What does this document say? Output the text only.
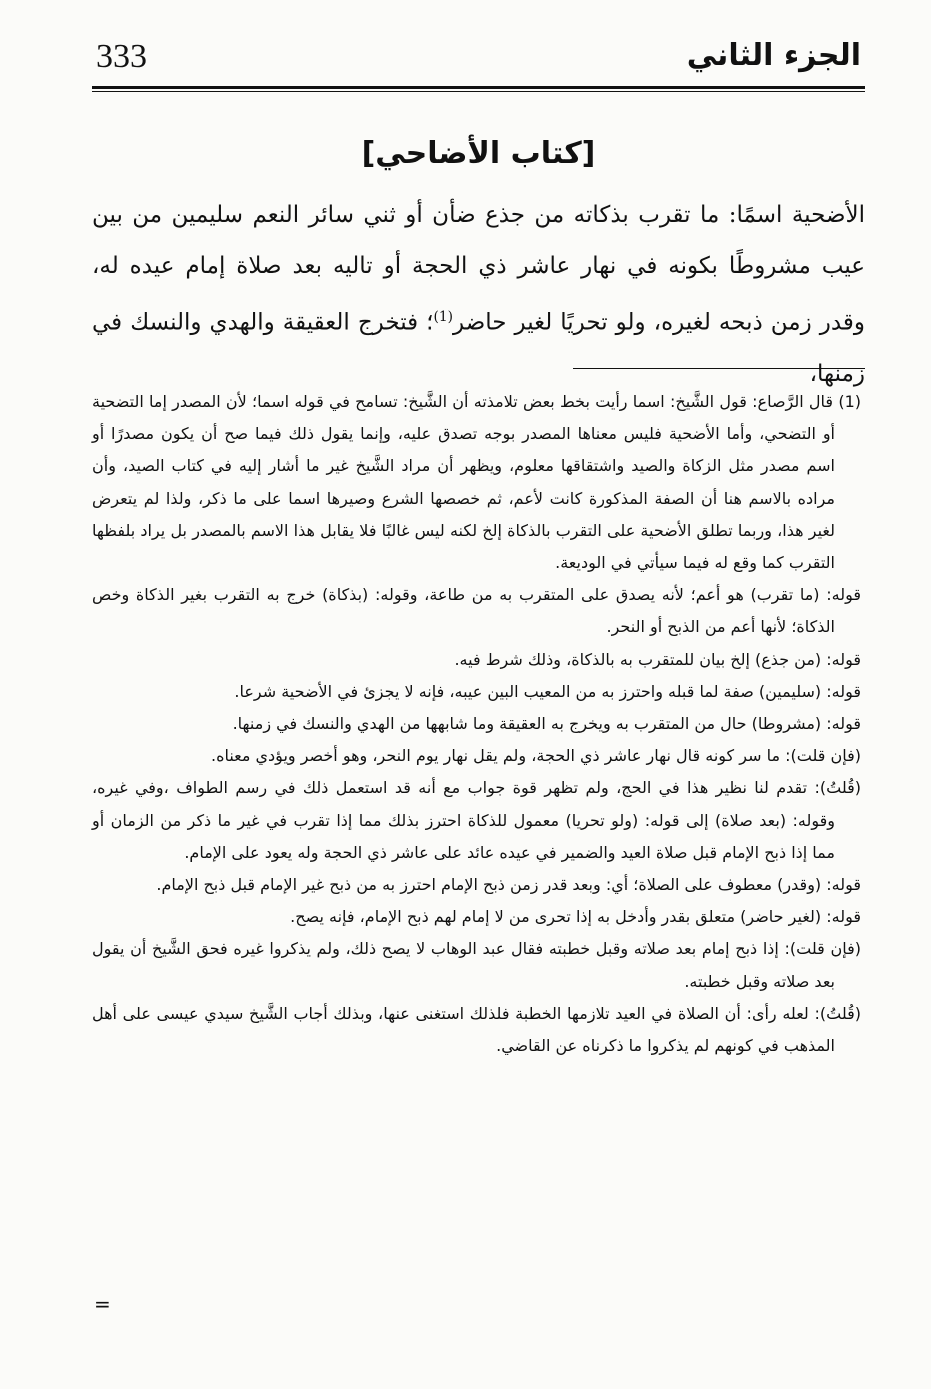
الجزء الثاني
333
[كتاب الأضاحي]
الأضحية اسمًا: ما تقرب بذكاته من جذع ضأن أو ثني سائر النعم سليمين من بين عيب مشروطًا بكونه في نهار عاشر ذي الحجة أو تاليه بعد صلاة إمام عيده له، وقدر زمن ذبحه لغيره، ولو تحريًا لغير حاضر$^{(1)}$؛ فتخرج العقيقة والهدي والنسك في زمنها،

(1) قال الرَّصاع: قول الشَّيخ: اسما رأيت بخط بعض تلامذته أن الشَّيخ: تسامح في قوله اسما؛ لأن المصدر إما التضحية أو التضحي، وأما الأضحية فليس معناها المصدر بوجه تصدق عليه، وإنما يقول ذلك فيما صح أن يكون مصدرًا أو اسم مصدر مثل الزكاة والصيد واشتقاقها معلوم، ويظهر أن مراد الشَّيخ غير ما أشار إليه في كتاب الصيد، وأن مراده بالاسم هنا أن الصفة المذكورة كانت لأعم، ثم خصصها الشرع وصيرها اسما على ما ذكر، ولذا لم يتعرض لغير هذا، وربما تطلق الأضحية على التقرب بالذكاة إلخ لكنه ليس غالبًا فلا يقابل هذا الاسم بالمصدر بل يراد بلفظها التقرب كما وقع له فيما سيأتي في الوديعة.

قوله: (ما تقرب) هو أعم؛ لأنه يصدق على المتقرب به من طاعة، وقوله: (بذكاة) خرج به التقرب بغير الذكاة وخص الذكاة؛ لأنها أعم من الذبح أو النحر.

قوله: (من جذع) إلخ بيان للمتقرب به بالذكاة، وذلك شرط فيه.

قوله: (سليمين) صفة لما قبله واحترز به من المعيب البين عيبه، فإنه لا يجزئ في الأضحية شرعا.

قوله: (مشروطا) حال من المتقرب به ويخرج به العقيقة وما شابهها من الهدي والنسك في زمنها.

(فإن قلت): ما سر كونه قال نهار عاشر ذي الحجة، ولم يقل نهار يوم النحر، وهو أخصر ويؤدي معناه.

(قُلتُ): تقدم لنا نظير هذا في الحج، ولم تظهر قوة جواب مع أنه قد استعمل ذلك في رسم الطواف ،وفي غيره، وقوله: (بعد صلاة) إلى قوله: (ولو تحريا) معمول للذكاة احترز بذلك مما إذا تقرب في غير ما ذكر من الزمان أو مما إذا ذبح الإمام قبل صلاة العيد والضمير في عيده عائد على عاشر ذي الحجة وله يعود على الإمام.

قوله: (وقدر) معطوف على الصلاة؛ أي: وبعد قدر زمن ذبح الإمام احترز به من ذبح غير الإمام قبل ذبح الإمام.

قوله: (لغير حاضر) متعلق بقدر وأدخل به إذا تحرى من لا إمام لهم ذبح الإمام، فإنه يصح.

(فإن قلت): إذا ذبح إمام بعد صلاته وقبل خطبته فقال عبد الوهاب لا يصح ذلك، ولم يذكروا غيره فحق الشَّيخ أن يقول بعد صلاته وقبل خطبته.

(قُلتُ): لعله رأى: أن الصلاة في العيد تلازمها الخطبة فلذلك استغنى عنها، وبذلك أجاب الشَّيخ سيدي عيسى على أهل المذهب في كونهم لم يذكروا ما ذكرناه عن القاضي.

=
